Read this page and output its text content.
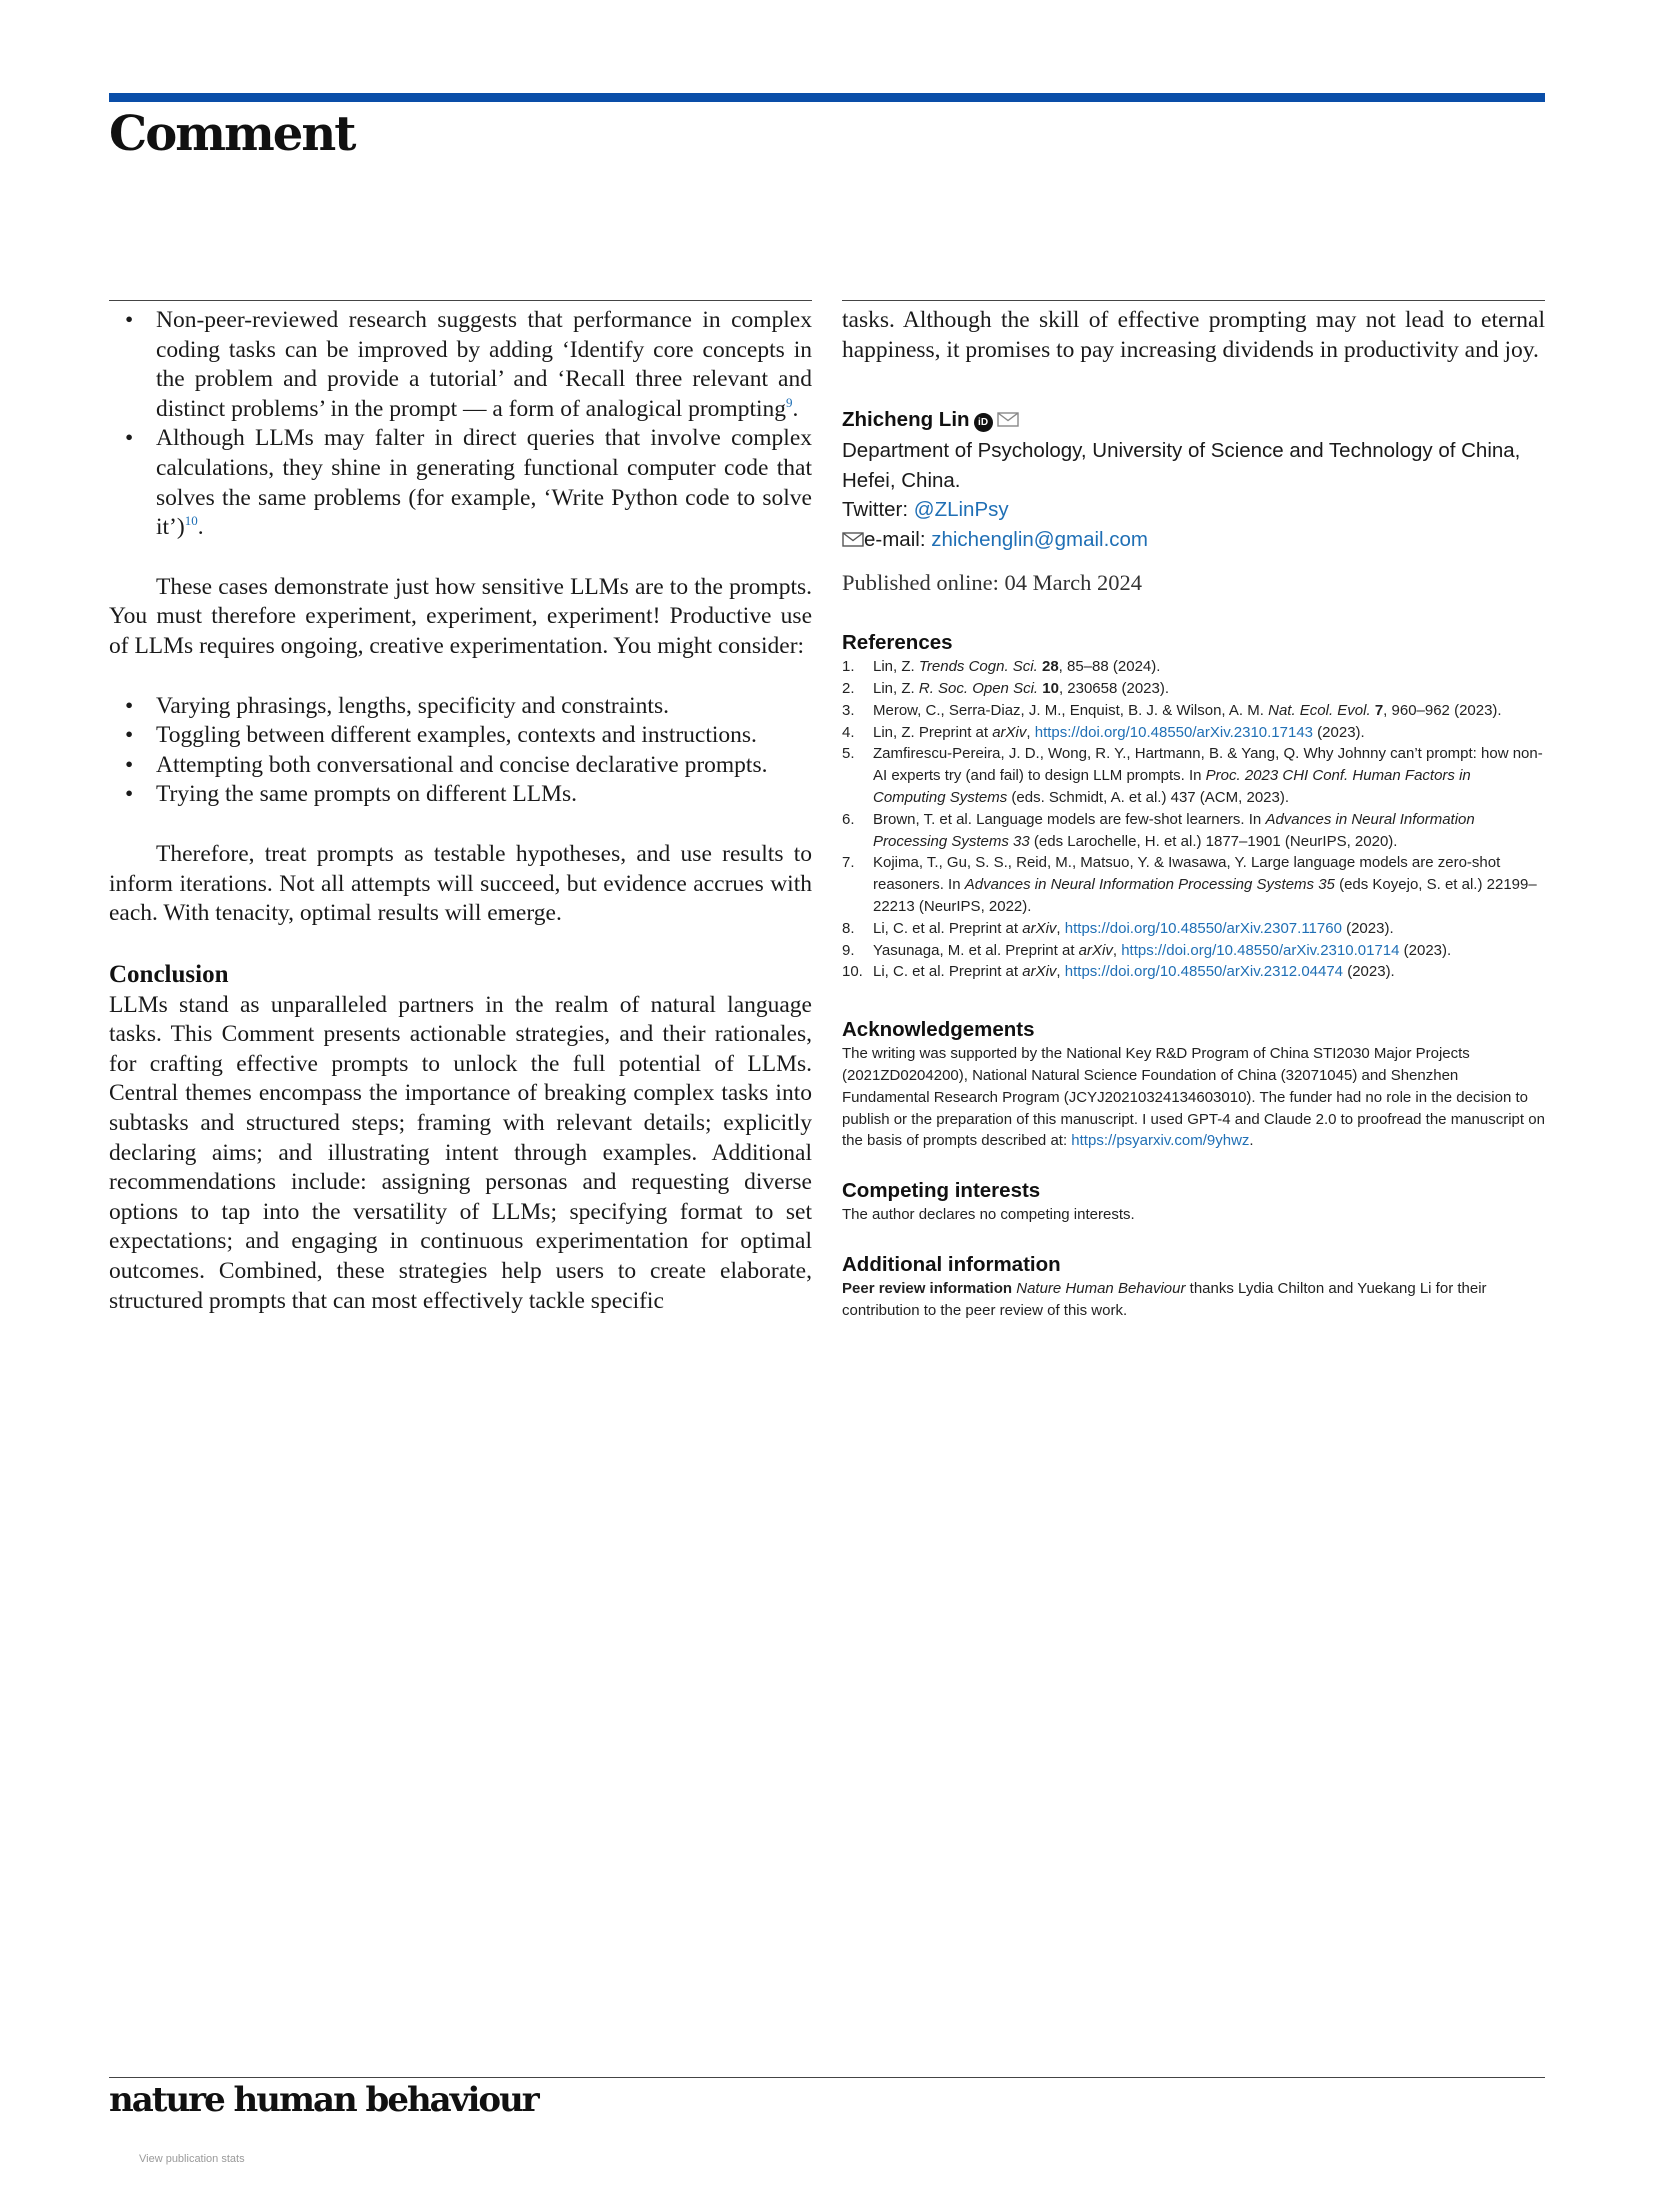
Comment
• Non-peer-reviewed research suggests that performance in complex coding tasks can be improved by adding ‘Identify core concepts in the problem and provide a tutorial’ and ‘Recall three relevant and distinct problems’ in the prompt — a form of analogical prompting$^9$.
• Although LLMs may falter in direct queries that involve complex calculations, they shine in generating functional computer code that solves the same problems (for example, ‘Write Python code to solve it’)$^{10}$.

These cases demonstrate just how sensitive LLMs are to the prompts. You must therefore experiment, experiment, experiment! Productive use of LLMs requires ongoing, creative experimentation. You might consider:

• Varying phrasings, lengths, specificity and constraints.
• Toggling between different examples, contexts and instructions.
• Attempting both conversational and concise declarative prompts.
• Trying the same prompts on different LLMs.

Therefore, treat prompts as testable hypotheses, and use results to inform iterations. Not all attempts will succeed, but evidence accrues with each. With tenacity, optimal results will emerge.

Conclusion

LLMs stand as unparalleled partners in the realm of natural language tasks. This Comment presents actionable strategies, and their rationales, for crafting effective prompts to unlock the full potential of LLMs. Central themes encompass the importance of breaking complex tasks into subtasks and structured steps; framing with relevant details; explicitly declaring aims; and illustrating intent through examples. Additional recommendations include: assigning personas and requesting diverse options to tap into the versatility of LLMs; specifying format to set expectations; and engaging in continuous experimentation for optimal outcomes. Combined, these strategies help users to create elaborate, structured prompts that can most effectively tackle specific

tasks. Although the skill of effective prompting may not lead to eternal happiness, it promises to pay increasing dividends in productivity and joy.

Zhicheng Lin iD

Department of Psychology, University of Science and Technology of China, Hefei, China.

Twitter: @ZLinPsy

e-mail: zhichenglin@gmail.com

Published online: 04 March 2024

References
1. Lin, Z. Trends Cogn. Sci. 28, 85–88 (2024).
2. Lin, Z. R. Soc. Open Sci. 10, 230658 (2023).
3. Merow, C., Serra-Diaz, J. M., Enquist, B. J. & Wilson, A. M. Nat. Ecol. Evol. 7, 960–962 (2023).
4. Lin, Z. Preprint at arXiv, https://doi.org/10.48550/arXiv.2310.17143 (2023).
5. Zamfirescu-Pereira, J. D., Wong, R. Y., Hartmann, B. & Yang, Q. Why Johnny can’t prompt: how non-AI experts try (and fail) to design LLM prompts. In Proc. 2023 CHI Conf. Human Factors in Computing Systems (eds. Schmidt, A. et al.) 437 (ACM, 2023).
6. Brown, T. et al. Language models are few-shot learners. In Advances in Neural Information Processing Systems 33 (eds Larochelle, H. et al.) 1877–1901 (NeurIPS, 2020).
7. Kojima, T., Gu, S. S., Reid, M., Matsuo, Y. & Iwasawa, Y. Large language models are zero-shot reasoners. In Advances in Neural Information Processing Systems 35 (eds Koyejo, S. et al.) 22199–22213 (NeurIPS, 2022).
8. Li, C. et al. Preprint at arXiv, https://doi.org/10.48550/arXiv.2307.11760 (2023).
9. Yasunaga, M. et al. Preprint at arXiv, https://doi.org/10.48550/arXiv.2310.01714 (2023).
10. Li, C. et al. Preprint at arXiv, https://doi.org/10.48550/arXiv.2312.04474 (2023).
Acknowledgements

The writing was supported by the National Key R&D Program of China STI2030 Major Projects (2021ZD0204200), National Natural Science Foundation of China (32071045) and Shenzhen Fundamental Research Program (JCYJ20210324134603010). The funder had no role in the decision to publish or the preparation of this manuscript. I used GPT-4 and Claude 2.0 to proofread the manuscript on the basis of prompts described at: https://psyarxiv.com/9yhwz.

Competing interests

The author declares no competing interests.

Additional information

Peer review information Nature Human Behaviour thanks Lydia Chilton and Yuekang Li for their contribution to the peer review of this work.

nature human behaviour
View publication stats
